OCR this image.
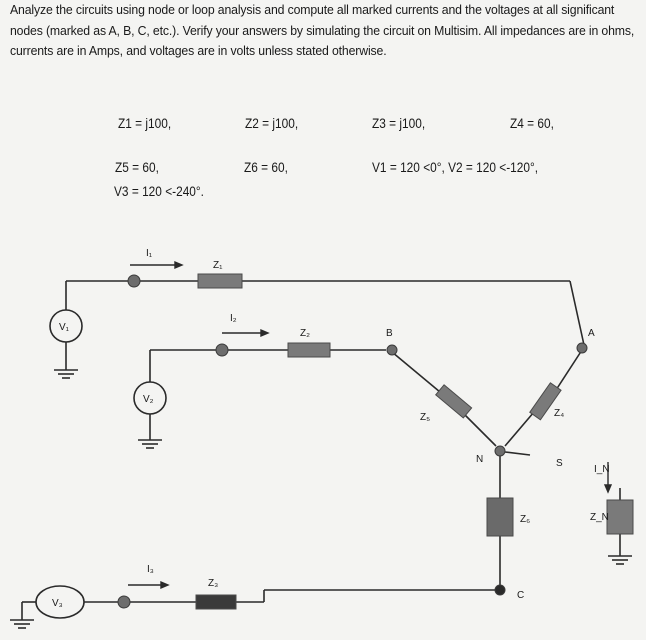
Analyze the circuits using node or loop analysis and compute all marked currents and the voltages at all significant nodes (marked as A, B, C, etc.). Verify your answers by simulating the circuit on Multisim. All impedances are in ohms, currents are in Amps, and voltages are in volts unless stated otherwise.
Z1 = j100,	Z2 = j100,	Z3 = j100,	Z4 = 60,
Z5 = 60,	Z6 = 60,	V1 = 120 <0°, V2 = 120 <-120°,
V3 = 120 <-240°.
I₁
Z₁
I₂
Z₂
I₃
Z₃
B	A
Z₅	Z₄
N	S
I_N
Z_N
Z₆
C
V₁
V₂
V₃
